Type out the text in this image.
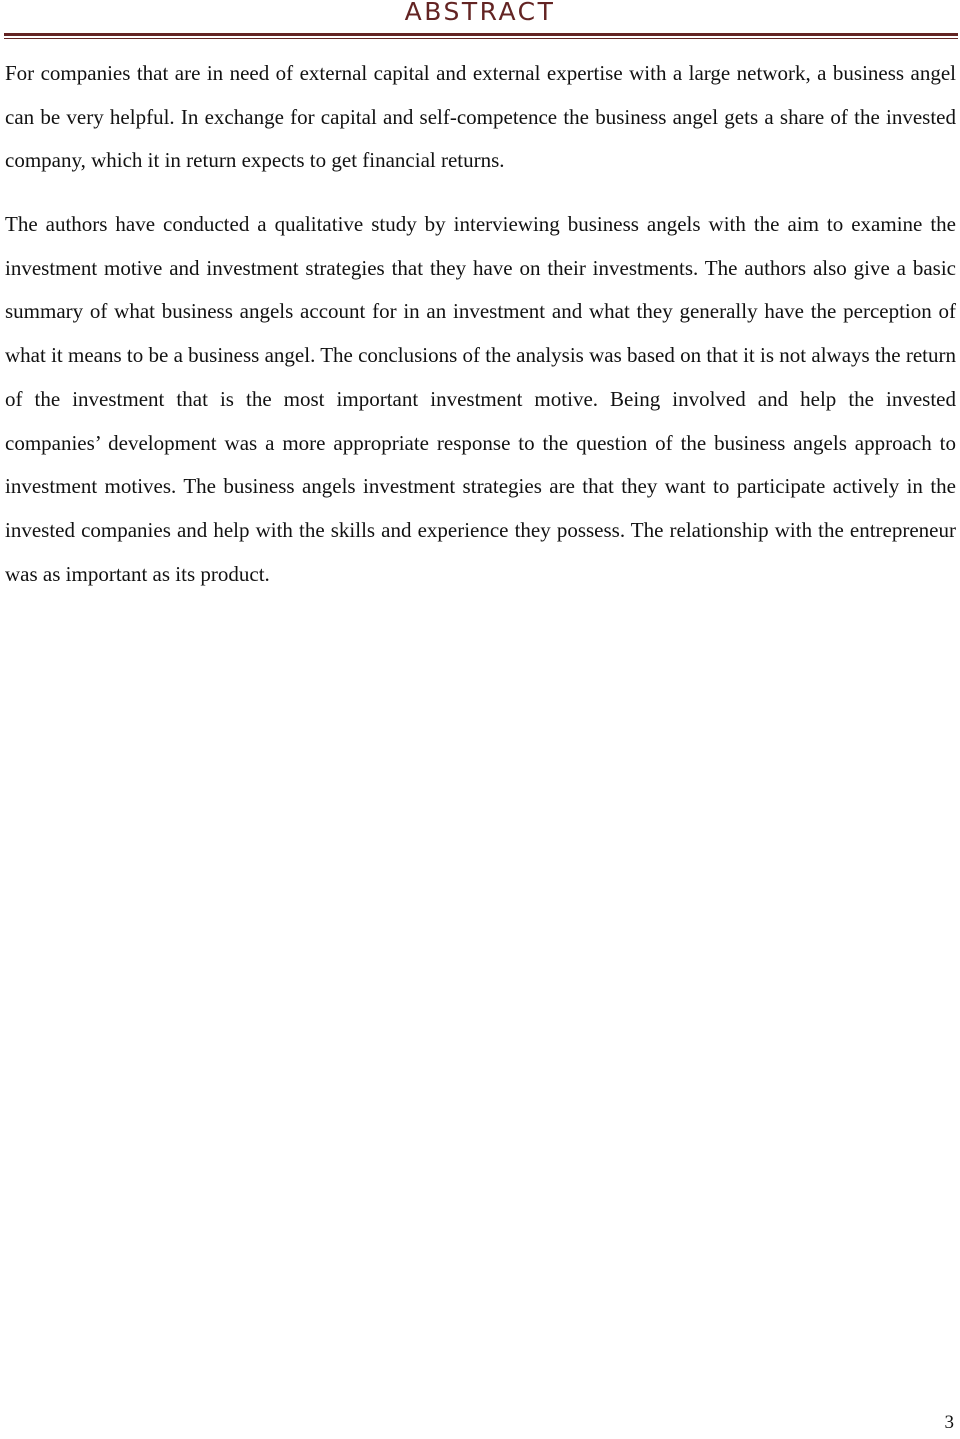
ABSTRACT

For companies that are in need of external capital and external expertise with a large network, a business angel can be very helpful. In exchange for capital and self-competence the business angel gets a share of the invested company, which it in return expects to get financial returns.

The authors have conducted a qualitative study by interviewing business angels with the aim to examine the investment motive and investment strategies that they have on their investments. The authors also give a basic summary of what business angels account for in an investment and what they generally have the perception of what it means to be a business angel. The conclusions of the analysis was based on that it is not always the return of the investment that is the most important investment motive. Being involved and help the invested companies’ development was a more appropriate response to the question of the business angels approach to investment motives. The business angels investment strategies are that they want to participate actively in the invested companies and help with the skills and experience they possess. The relationship with the entrepreneur was as important as its product.

3
